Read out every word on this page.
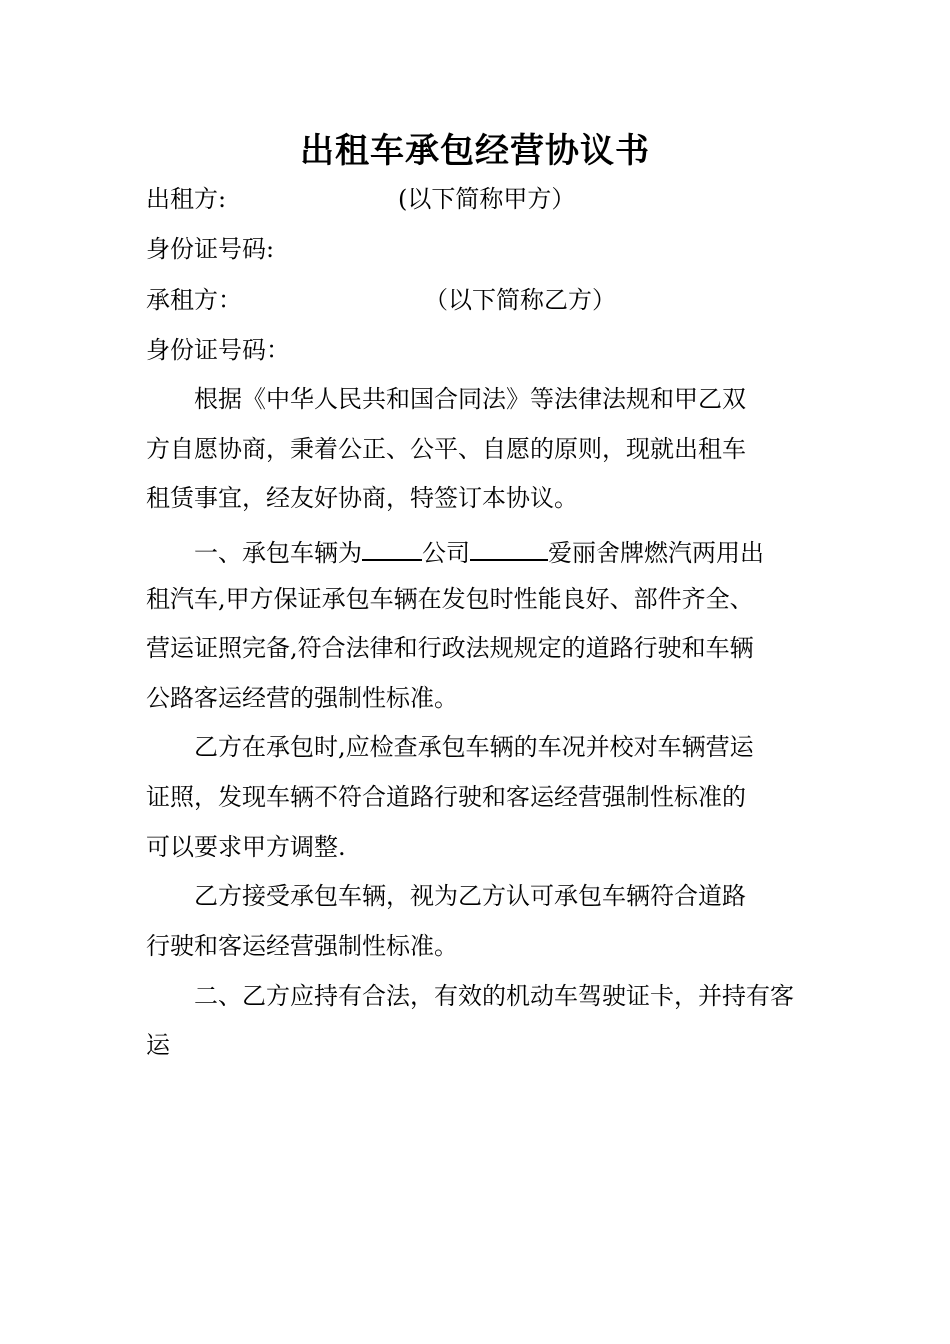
出租车承包经营协议书
出租方:	(以下简称甲方）
身份证号码:
承租方：	（以下简称乙方）
身份证号码：
根据《中华人民共和国合同法》等法律法规和甲乙双
方自愿协商，秉着公正、公平、自愿的原则，现就出租车
租赁事宜，经友好协商，特签订本协议。
一、承包车辆为	公司	爱丽舍牌燃汽两用出
租汽车,甲方保证承包车辆在发包时性能良好、部件齐全、
营运证照完备,符合法律和行政法规规定的道路行驶和车辆
公路客运经营的强制性标准。
乙方在承包时,应检查承包车辆的车况并校对车辆营运
证照，发现车辆不符合道路行驶和客运经营强制性标准的
可以要求甲方调整.
乙方接受承包车辆，视为乙方认可承包车辆符合道路
行驶和客运经营强制性标准。
二、乙方应持有合法，有效的机动车驾驶证卡，并持有客
运
